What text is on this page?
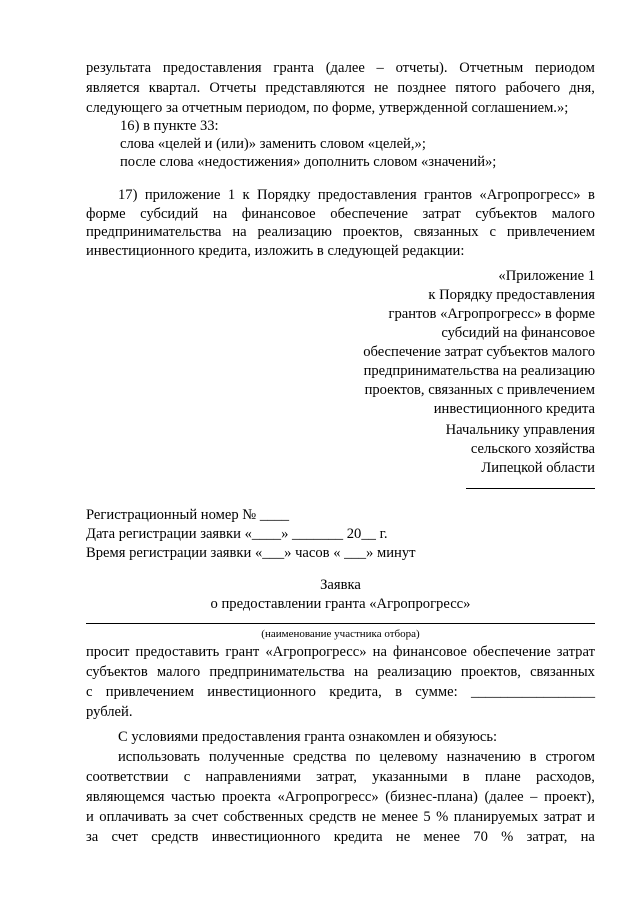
результата предоставления гранта (далее – отчеты). Отчетным периодом
является квартал. Отчеты представляются не позднее пятого рабочего дня,
следующего за отчетным периодом, по форме, утвержденной соглашением.»;
16) в пункте 33:
слова «целей и (или)» заменить словом «целей,»;
после слова «недостижения» дополнить словом «значений»;
17) приложение 1 к Порядку предоставления грантов «Агропрогресс» в
форме субсидий на финансовое обеспечение затрат субъектов малого
предпринимательства на реализацию проектов, связанных с привлечением
инвестиционного кредита, изложить в следующей редакции:
«Приложение 1
к Порядку предоставления
грантов «Агропрогресс» в форме
субсидий на финансовое
обеспечение затрат субъектов малого
предпринимательства на реализацию
проектов, связанных с привлечением
инвестиционного кредита
Начальнику управления
сельского хозяйства
Липецкой области
Регистрационный номер № ____
Дата регистрации заявки «____» _______ 20__ г.
Время регистрации заявки «___» часов « ___» минут
Заявка
о предоставлении гранта «Агропрогресс»
(наименование участника отбора)
просит предоставить грант «Агропрогресс» на финансовое обеспечение затрат
субъектов малого предпринимательства на реализацию проектов, связанных
с привлечением инвестиционного кредита, в сумме: _________________
рублей.
С условиями предоставления гранта ознакомлен и обязуюсь:
использовать полученные средства по целевому назначению в строгом
соответствии с направлениями затрат, указанными в плане расходов,
являющемся частью проекта «Агропрогресс» (бизнес-плана) (далее – проект),
и оплачивать за счет собственных средств не менее 5 % планируемых затрат и
за счет средств инвестиционного кредита не менее 70 % затрат, на
